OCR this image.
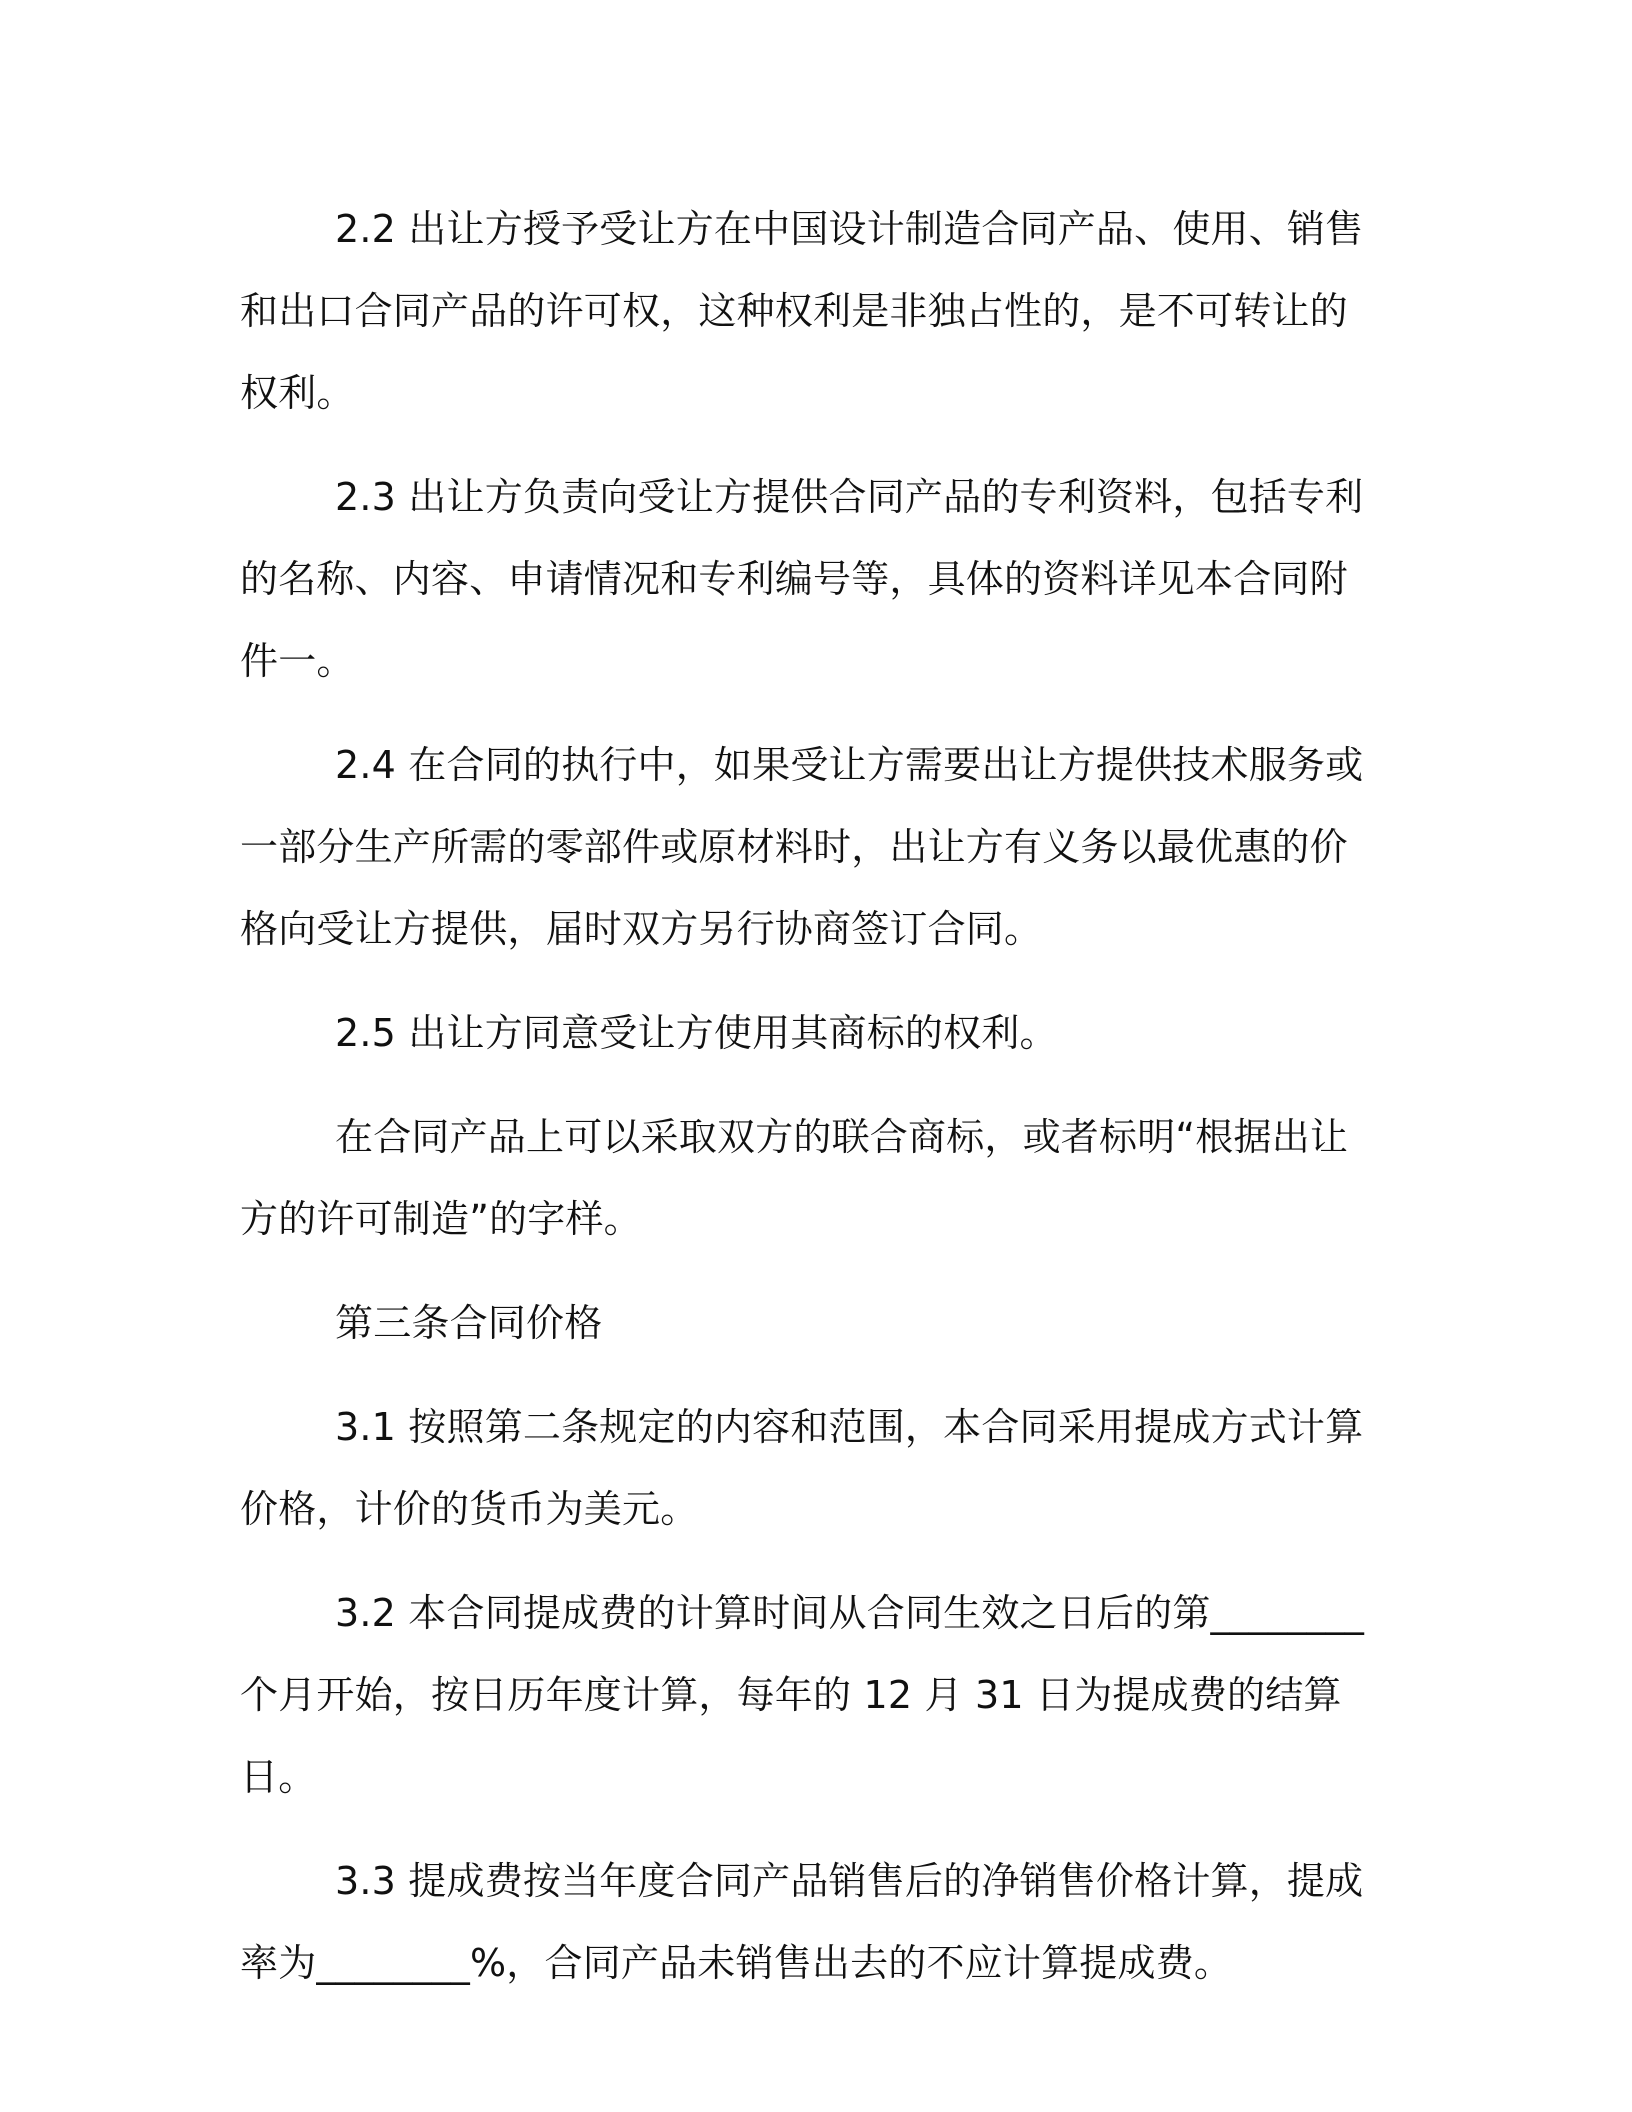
2.2 出让方授予受让方在中国设计制造合同产品、使用、销售和出口合同产品的许可权，这种权利是非独占性的，是不可转让的权利。

2.3 出让方负责向受让方提供合同产品的专利资料，包括专利的名称、内容、申请情况和专利编号等，具体的资料详见本合同附件一。

2.4 在合同的执行中，如果受让方需要出让方提供技术服务或一部分生产所需的零部件或原材料时，出让方有义务以最优惠的价格向受让方提供，届时双方另行协商签订合同。

2.5 出让方同意受让方使用其商标的权利。

在合同产品上可以采取双方的联合商标，或者标明“根据出让方的许可制造”的字样。

第三条合同价格

3.1 按照第二条规定的内容和范围，本合同采用提成方式计算价格，计价的货币为美元。

3.2 本合同提成费的计算时间从合同生效之日后的第________个月开始，按日历年度计算，每年的 12 月 31 日为提成费的结算日。

3.3 提成费按当年度合同产品销售后的净销售价格计算，提成率为________%，合同产品未销售出去的不应计算提成费。
